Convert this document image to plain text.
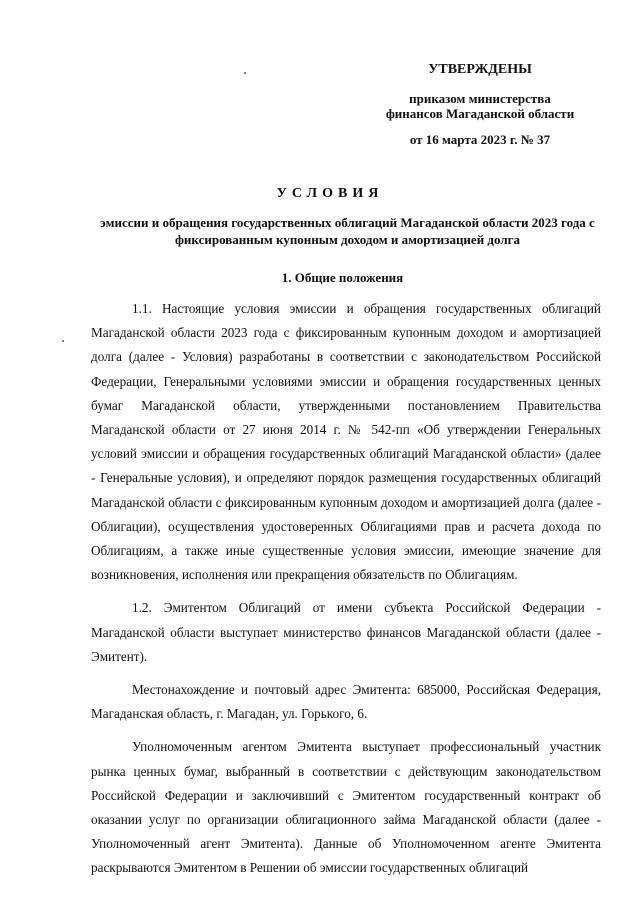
УТВЕРЖДЕНЫ
приказом министерства
финансов Магаданской области
от 16 марта 2023 г. № 37
УСЛОВИЯ
эмиссии и обращения государственных облигаций Магаданской области 2023 года с
фиксированным купонным доходом и амортизацией долга
1. Общие положения

1.1. Настоящие условия эмиссии и обращения государственных облигаций Магаданской области 2023 года с фиксированным купонным доходом и амортизацией долга (далее - Условия) разработаны в соответствии с законодательством Российской Федерации, Генеральными условиями эмиссии и обращения государственных ценных бумаг Магаданской области, утвержденными постановлением Правительства Магаданской области от 27 июня 2014 г. № 542-пп «Об утверждении Генеральных условий эмиссии и обращения государственных облигаций Магаданской области» (далее - Генеральные условия), и определяют порядок размещения государственных облигаций Магаданской области с фиксированным купонным доходом и амортизацией долга (далее - Облигации), осуществления удостоверенных Облигациями прав и расчета дохода по Облигациям, а также иные существенные условия эмиссии, имеющие значение для возникновения, исполнения или прекращения обязательств по Облигациям.

1.2. Эмитентом Облигаций от имени субъекта Российской Федерации - Магаданской области выступает министерство финансов Магаданской области (далее - Эмитент).

Местонахождение и почтовый адрес Эмитента: 685000, Российская Федерация, Магаданская область, г. Магадан, ул. Горького, 6.

Уполномоченным агентом Эмитента выступает профессиональный участник рынка ценных бумаг, выбранный в соответствии с действующим законодательством Российской Федерации и заключивший с Эмитентом государственный контракт об оказании услуг по организации облигационного займа Магаданской области (далее - Уполномоченный агент Эмитента). Данные об Уполномоченном агенте Эмитента раскрываются Эмитентом в Решении об эмиссии государственных облигаций
